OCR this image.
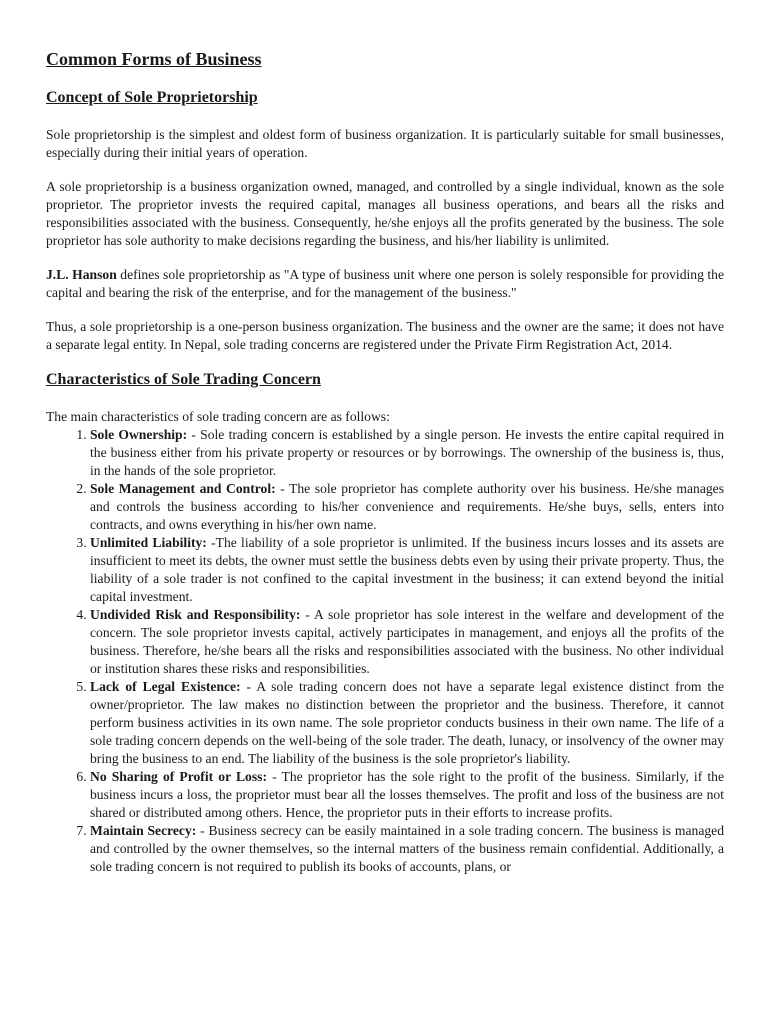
Common Forms of Business
Concept of Sole Proprietorship

Sole proprietorship is the simplest and oldest form of business organization. It is particularly suitable for small businesses, especially during their initial years of operation.

A sole proprietorship is a business organization owned, managed, and controlled by a single individual, known as the sole proprietor. The proprietor invests the required capital, manages all business operations, and bears all the risks and responsibilities associated with the business. Consequently, he/she enjoys all the profits generated by the business. The sole proprietor has sole authority to make decisions regarding the business, and his/her liability is unlimited.

J.L. Hanson defines sole proprietorship as "A type of business unit where one person is solely responsible for providing the capital and bearing the risk of the enterprise, and for the management of the business."

Thus, a sole proprietorship is a one-person business organization. The business and the owner are the same; it does not have a separate legal entity. In Nepal, sole trading concerns are registered under the Private Firm Registration Act, 2014.

Characteristics of Sole Trading Concern

The main characteristics of sole trading concern are as follows:

1. Sole Ownership: - Sole trading concern is established by a single person. He invests the entire capital required in the business either from his private property or resources or by borrowings. The ownership of the business is, thus, in the hands of the sole proprietor.
2. Sole Management and Control: - The sole proprietor has complete authority over his business. He/she manages and controls the business according to his/her convenience and requirements. He/she buys, sells, enters into contracts, and owns everything in his/her own name.
3. Unlimited Liability: -The liability of a sole proprietor is unlimited. If the business incurs losses and its assets are insufficient to meet its debts, the owner must settle the business debts even by using their private property. Thus, the liability of a sole trader is not confined to the capital investment in the business; it can extend beyond the initial capital investment.
4. Undivided Risk and Responsibility: - A sole proprietor has sole interest in the welfare and development of the concern. The sole proprietor invests capital, actively participates in management, and enjoys all the profits of the business. Therefore, he/she bears all the risks and responsibilities associated with the business. No other individual or institution shares these risks and responsibilities.
5. Lack of Legal Existence: - A sole trading concern does not have a separate legal existence distinct from the owner/proprietor. The law makes no distinction between the proprietor and the business. Therefore, it cannot perform business activities in its own name. The sole proprietor conducts business in their own name. The life of a sole trading concern depends on the well-being of the sole trader. The death, lunacy, or insolvency of the owner may bring the business to an end. The liability of the business is the sole proprietor's liability.
6. No Sharing of Profit or Loss: - The proprietor has the sole right to the profit of the business. Similarly, if the business incurs a loss, the proprietor must bear all the losses themselves. The profit and loss of the business are not shared or distributed among others. Hence, the proprietor puts in their efforts to increase profits.
7. Maintain Secrecy: - Business secrecy can be easily maintained in a sole trading concern. The business is managed and controlled by the owner themselves, so the internal matters of the business remain confidential. Additionally, a sole trading concern is not required to publish its books of accounts, plans, or
